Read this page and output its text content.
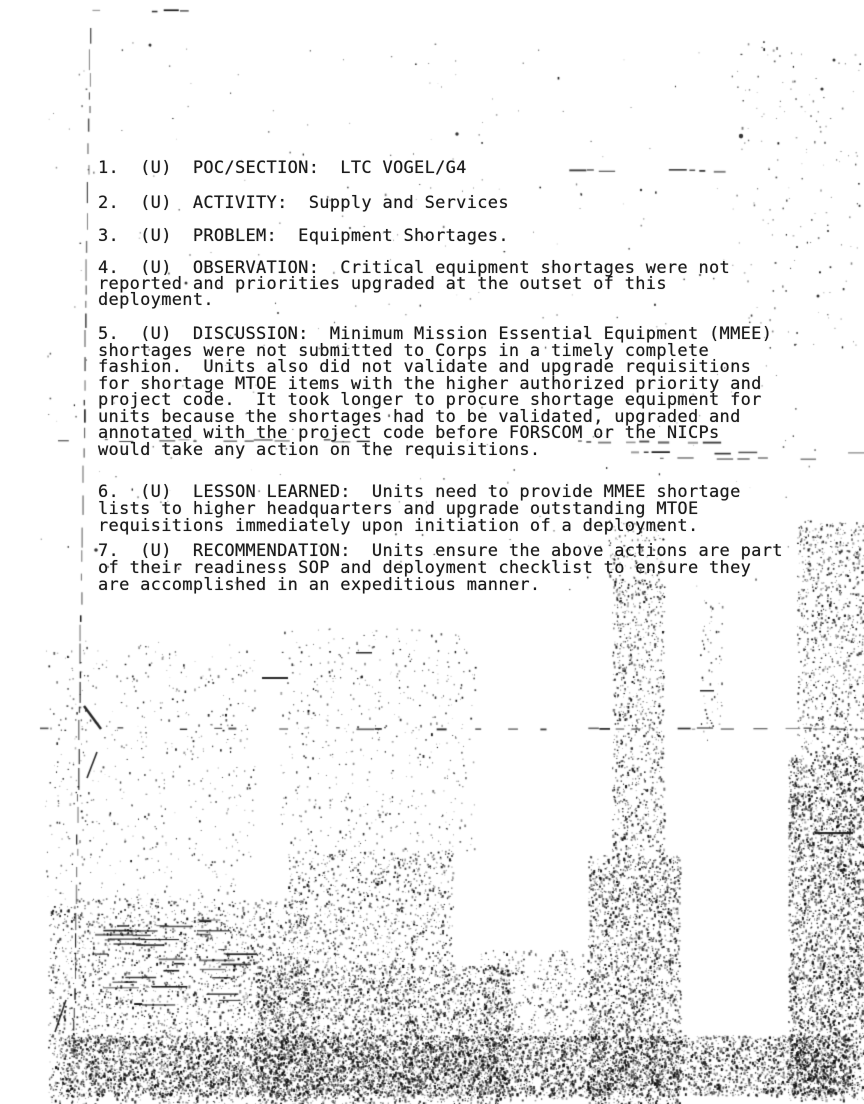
1.  (U)  POC/SECTION:  LTC VOGEL/G4
2.  (U)  ACTIVITY:  Supply and Services
3.  (U)  PROBLEM:  Equipment Shortages.
4.  (U)  OBSERVATION:  Critical equipment shortages were not
reported and priorities upgraded at the outset of this
deployment.
5.  (U)  DISCUSSION:  Minimum Mission Essential Equipment (MMEE)
shortages were not submitted to Corps in a timely complete
fashion.  Units also did not validate and upgrade requisitions
for shortage MTOE items with the higher authorized priority and
project code.  It took longer to procure shortage equipment for
units because the shortages had to be validated, upgraded and
annotated with the project code before FORSCOM or the NICPs
would take any action on the requisitions.
6.  (U)  LESSON LEARNED:  Units need to provide MMEE shortage
lists to higher headquarters and upgrade outstanding MTOE
requisitions immediately upon initiation of a deployment.
7.  (U)  RECOMMENDATION:  Units ensure the above actions are part
of their readiness SOP and deployment checklist to ensure they
are accomplished in an expeditious manner.
